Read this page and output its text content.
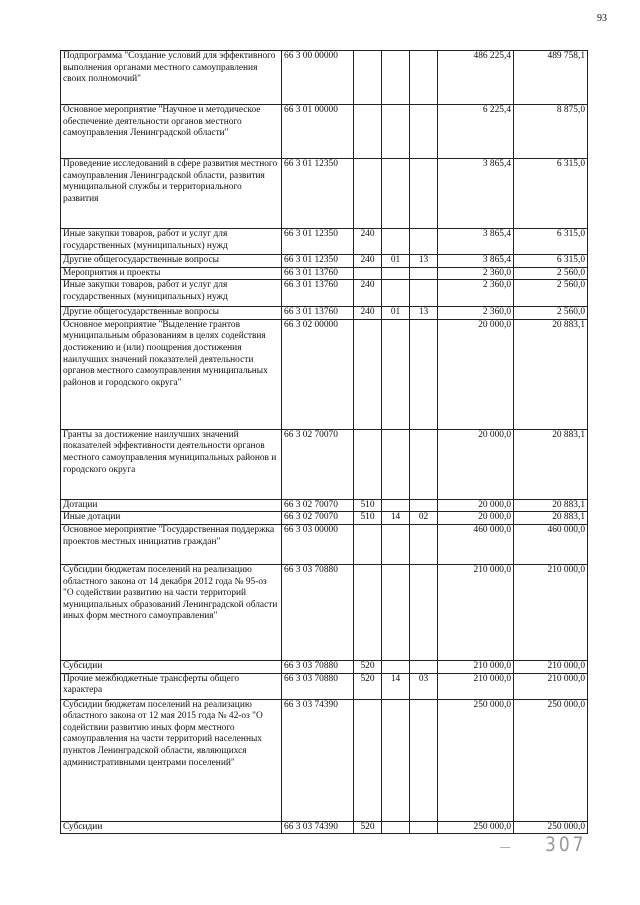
93
Подпрограмма "Создание условий для эффективного выполнения органами местного самоуправления своих полномочий"	66 3 00 00000				486 225,4	489 758,1
Основное мероприятие "Научное и методическое обеспечение деятельности органов местного самоуправления Ленинградской области"	66 3 01 00000				6 225,4	8 875,0
Проведение исследований в сфере развития местного самоуправления Ленинградской области, развития муниципальной службы и территориального развития	66 3 01 12350				3 865,4	6 315,0
Иные закупки товаров, работ и услуг для государственных (муниципальных) нужд	66 3 01 12350	240			3 865,4	6 315,0
Другие общегосударственные вопросы	66 3 01 12350	240	01	13	3 865,4	6 315,0
Мероприятия и проекты	66 3 01 13760				2 360,0	2 560,0
Иные закупки товаров, работ и услуг для государственных (муниципальных) нужд	66 3 01 13760	240			2 360,0	2 560,0
Другие общегосударственные вопросы	66 3 01 13760	240	01	13	2 360,0	2 560,0
Основное мероприятие "Выделение грантов муниципальным образованиям в целях содействия достижению и (или) поощрения достижения наилучших значений показателей деятельности органов местного самоуправления муниципальных районов и городского округа"	66 3 02 00000				20 000,0	20 883,1
Гранты за достижение наилучших значений показателей эффективности деятельности органов местного самоуправления муниципальных районов и городского округа	66 3 02 70070				20 000,0	20 883,1
Дотации	66 3 02 70070	510			20 000,0	20 883,1
Иные дотации	66 3 02 70070	510	14	02	20 000,0	20 883,1
Основное мероприятие "Государственная поддержка проектов местных инициатив граждан"	66 3 03 00000				460 000,0	460 000,0
Субсидии бюджетам поселений на реализацию областного закона от 14 декабря 2012 года № 95-оз "О содействии развитию на части территорий муниципальных образований Ленинградской области иных форм местного самоуправления"	66 3 03 70880				210 000,0	210 000,0
Субсидии	66 3 03 70880	520			210 000,0	210 000,0
Прочие межбюджетные трансферты общего характера	66 3 03 70880	520	14	03	210 000,0	210 000,0
Субсидии бюджетам поселений на реализацию областного закона от 12 мая 2015 года № 42-оз "О содействии развитию иных форм местного самоуправления на части территорий населенных пунктов Ленинградской области, являющихся административными центрами поселений"	66 3 03 74390				250 000,0	250 000,0
Субсидии	66 3 03 74390	520			250 000,0	250 000,0
— 307
